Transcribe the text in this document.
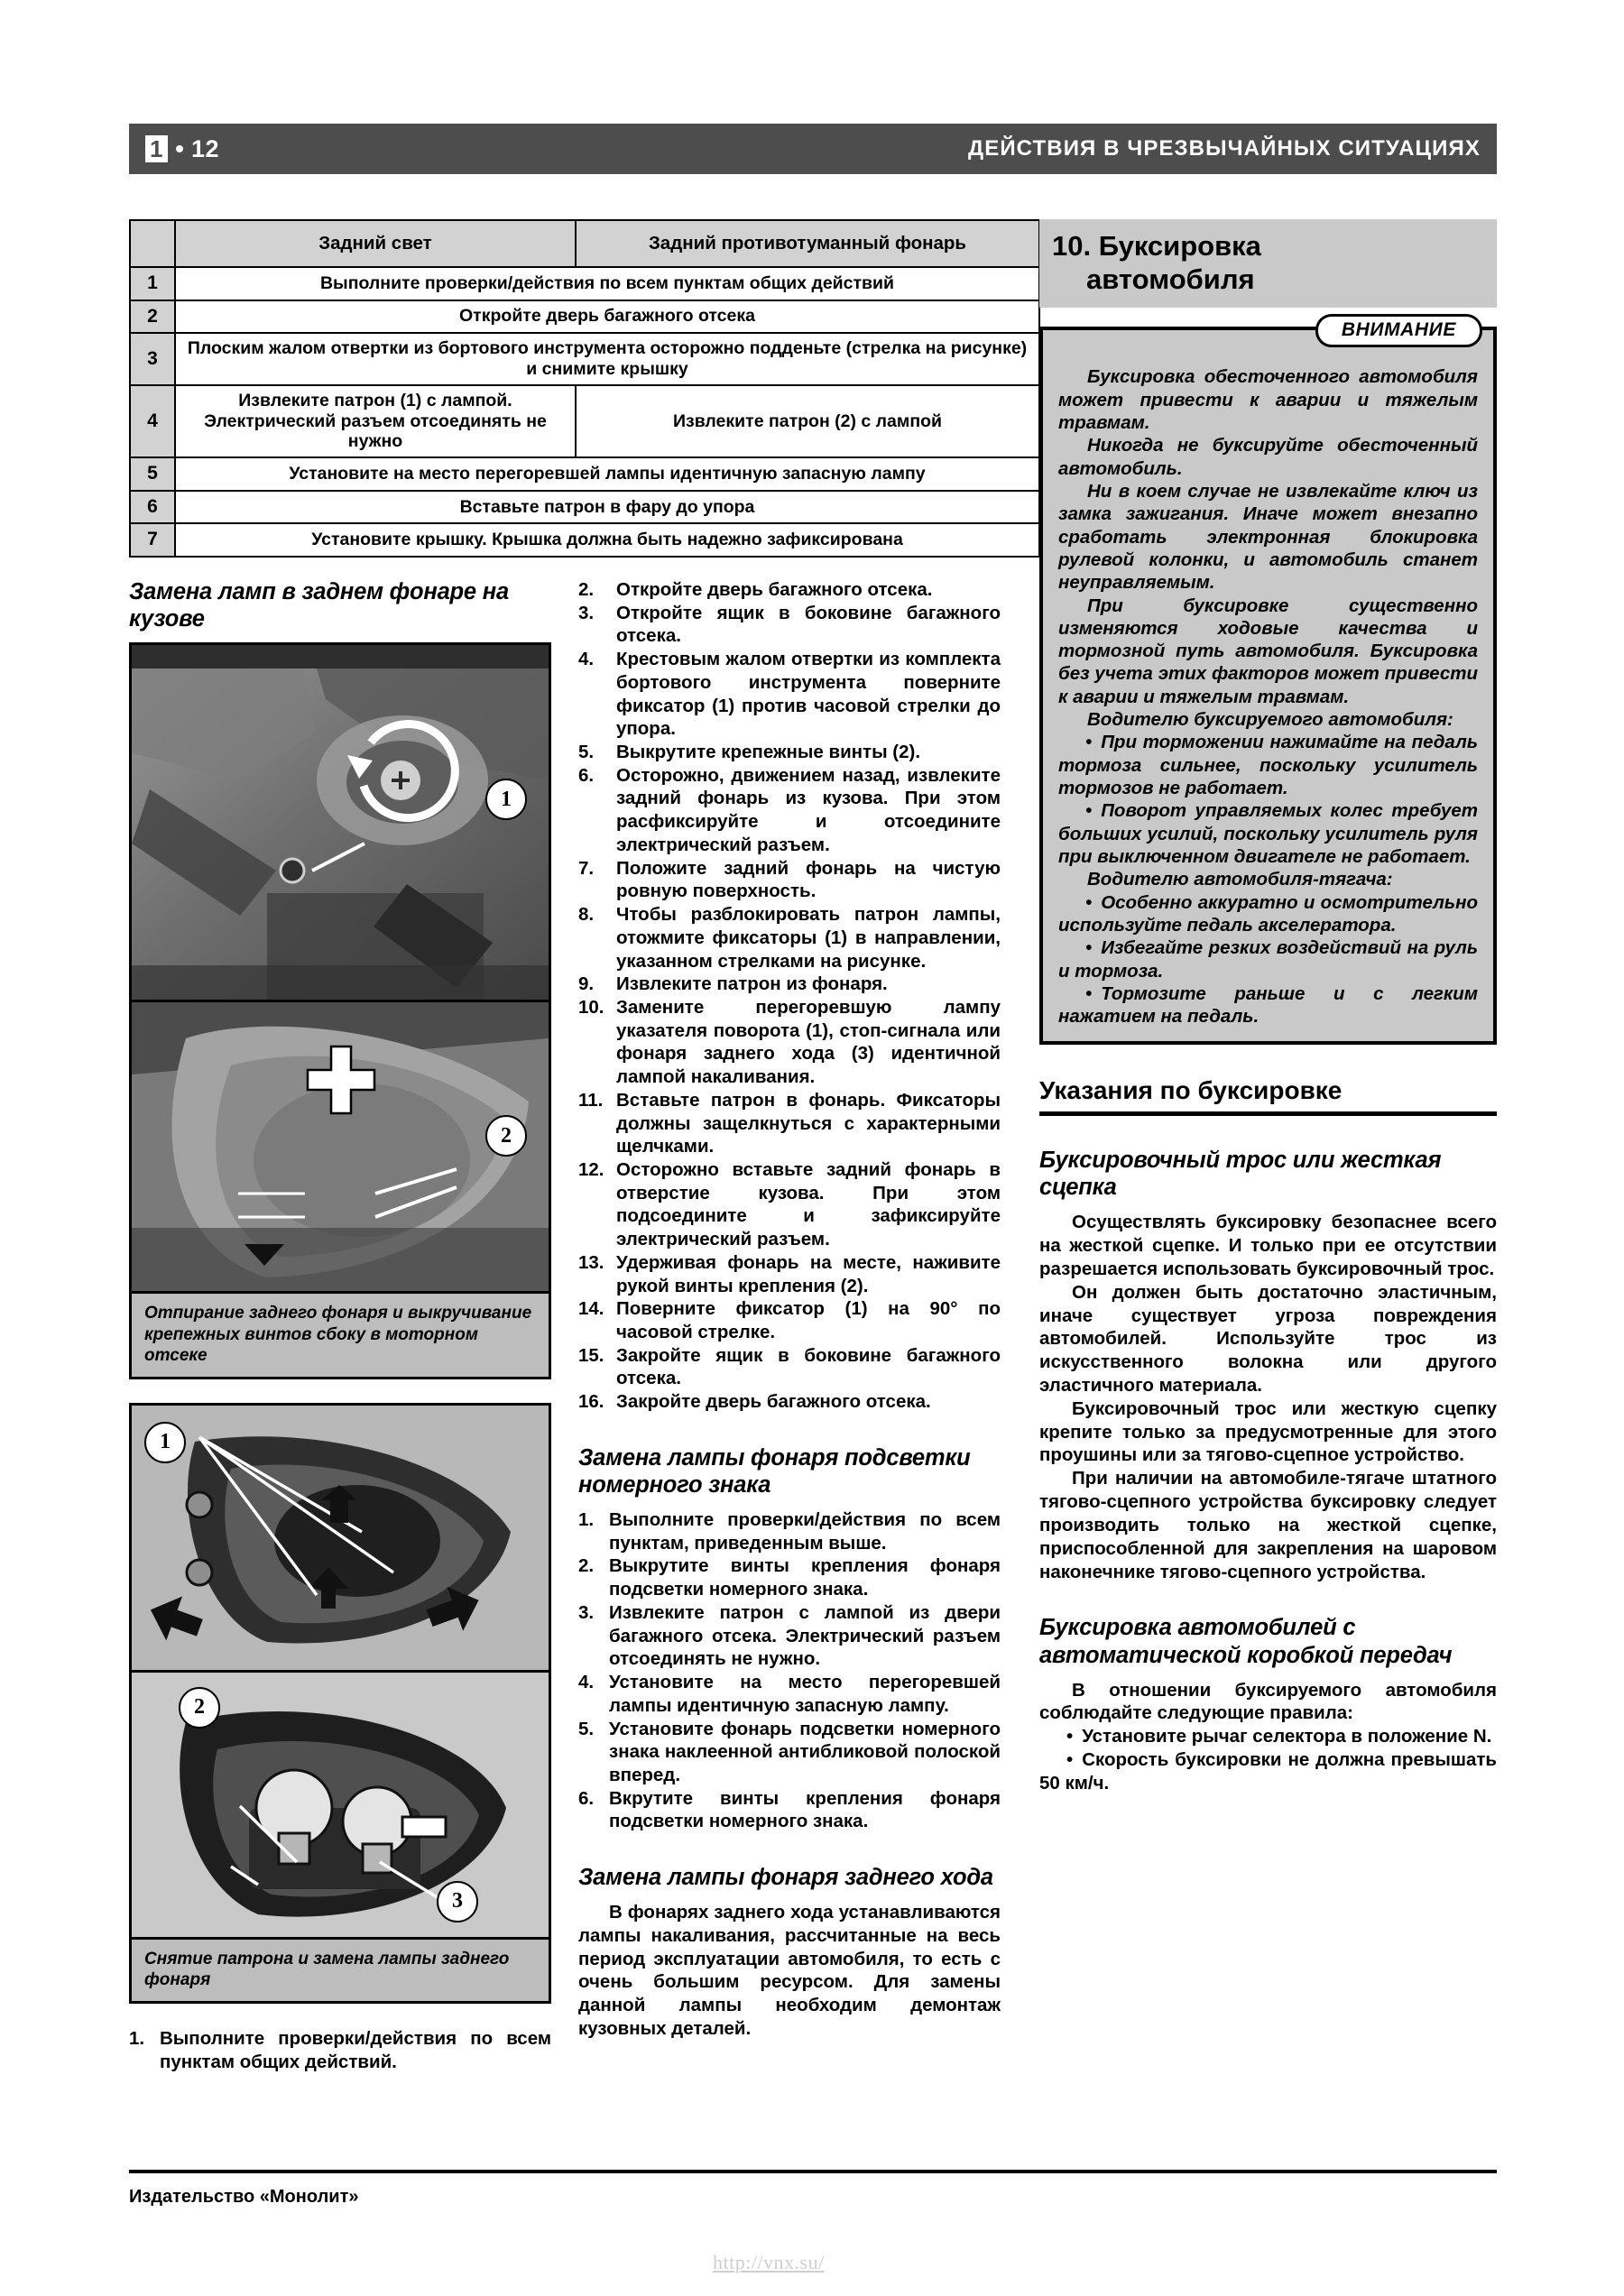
1 12	ДЕЙСТВИЯ В ЧРЕЗВЫЧАЙНЫХ СИТУАЦИЯХ
	Задний свет	Задний противотуманный фонарь
1	Выполните проверки/действия по всем пунктам общих действий	
2	Откройте дверь багажного отсека	
3	Плоским жалом отвертки из бортового инструмента осторожно подденьте (стрелка на рисунке) и снимите крышку	
4	Извлеките патрон (1) с лампой. Электрический разъем отсоединять не нужно	Извлеките патрон (2) с лампой
5	Установите на место перегоревшей лампы идентичную запасную лампу	
6	Вставьте патрон в фару до упора	
7	Установите крышку. Крышка должна быть надежно зафиксирована	
Замена ламп в заднем фонаре на кузове
1
2
Отпирание заднего фонаря и выкручивание крепежных винтов сбоку в моторном отсеке
1
2
3
Снятие патрона и замена лампы заднего фонаря
1. Выполните проверки/действия по всем пунктам общих действий.
2.	Откройте дверь багажного отсека.
3.	Откройте ящик в боковине багажного отсека.
4.	Крестовым жалом отвертки из комплекта бортового инструмента поверните фиксатор (1) против часовой стрелки до упора.
5.	Выкрутите крепежные винты (2).
6.	Осторожно, движением назад, извлеките задний фонарь из кузова. При этом расфиксируйте и отсоедините электрический разъем.
7.	Положите задний фонарь на чистую ровную поверхность.
8.	Чтобы разблокировать патрон лампы, отожмите фиксаторы (1) в направлении, указанном стрелками на рисунке.
9.	Извлеките патрон из фонаря.
10. Замените перегоревшую лампу указателя поворота (1), стоп-сигнала или фонаря заднего хода (3) идентичной лампой накаливания.
11. Вставьте патрон в фонарь. Фиксаторы должны защелкнуться с характерными щелчками.
12. Осторожно вставьте задний фонарь в отверстие кузова. При этом подсоедините и зафиксируйте электрический разъем.
13. Удерживая фонарь на месте, наживите рукой винты крепления (2).
14. Поверните фиксатор (1) на 90° по часовой стрелке.
15. Закройте ящик в боковине багажного отсека.
16. Закройте дверь багажного отсека.
Замена лампы фонаря подсветки номерного знака
1. Выполните проверки/действия по всем пунктам, приведенным выше.
2. Выкрутите винты крепления фонаря подсветки номерного знака.
3. Извлеките патрон с лампой из двери багажного отсека. Электрический разъем отсоединять не нужно.
4. Установите на место перегоревшей лампы идентичную запасную лампу.
5. Установите фонарь подсветки номерного знака наклеенной антибликовой полоской вперед.
6. Вкрутите винты крепления фонаря подсветки номерного знака.
Замена лампы фонаря заднего хода

В фонарях заднего хода устанавливаются лампы накаливания, рассчитанные на весь период эксплуатации автомобиля, то есть с очень большим ресурсом. Для замены данной лампы необходим демонтаж кузовных деталей.

10. Буксировка
автомобиля
ВНИМАНИЕ

Буксировка обесточенного автомобиля может привести к аварии и тяжелым травмам.

Никогда не буксируйте обесточенный автомобиль.

Ни в коем случае не извлекайте ключ из замка зажигания. Иначе может внезапно сработать электронная блокировка рулевой колонки, и автомобиль станет неуправляемым.

При буксировке существенно изменяются ходовые качества и тормозной путь автомобиля. Буксировка без учета этих факторов может привести к аварии и тяжелым травмам.

Водителю буксируемого автомобиля:

• При торможении нажимайте на педаль тормоза сильнее, поскольку усилитель тормозов не работает.

• Поворот управляемых колес требует больших усилий, поскольку усилитель руля при выключенном двигателе не работает.

Водителю автомобиля-тягача:

• Особенно аккуратно и осмотрительно используйте педаль акселератора.

• Избегайте резких воздействий на руль и тормоза.

• Тормозите раньше и с легким нажатием на педаль.

Указания по буксировке
Буксировочный трос или жесткая сцепка

Осуществлять буксировку безопаснее всего на жесткой сцепке. И только при ее отсутствии разрешается использовать буксировочный трос.

Он должен быть достаточно эластичным, иначе существует угроза повреждения автомобилей. Используйте трос из искусственного волокна или другого эластичного материала.

Буксировочный трос или жесткую сцепку крепите только за предусмотренные для этого проушины или за тягово-сцепное устройство.

При наличии на автомобиле-тягаче штатного тягово-сцепного устройства буксировку следует производить только на жесткой сцепке, приспособленной для закрепления на шаровом наконечнике тягово-сцепного устройства.

Буксировка автомобилей с автоматической коробкой передач

В отношении буксируемого автомобиля соблюдайте следующие правила:

• Установите рычаг селектора в положение N.

• Скорость буксировки не должна превышать 50 км/ч.

Издательство «Монолит»
http://vnx.su/
